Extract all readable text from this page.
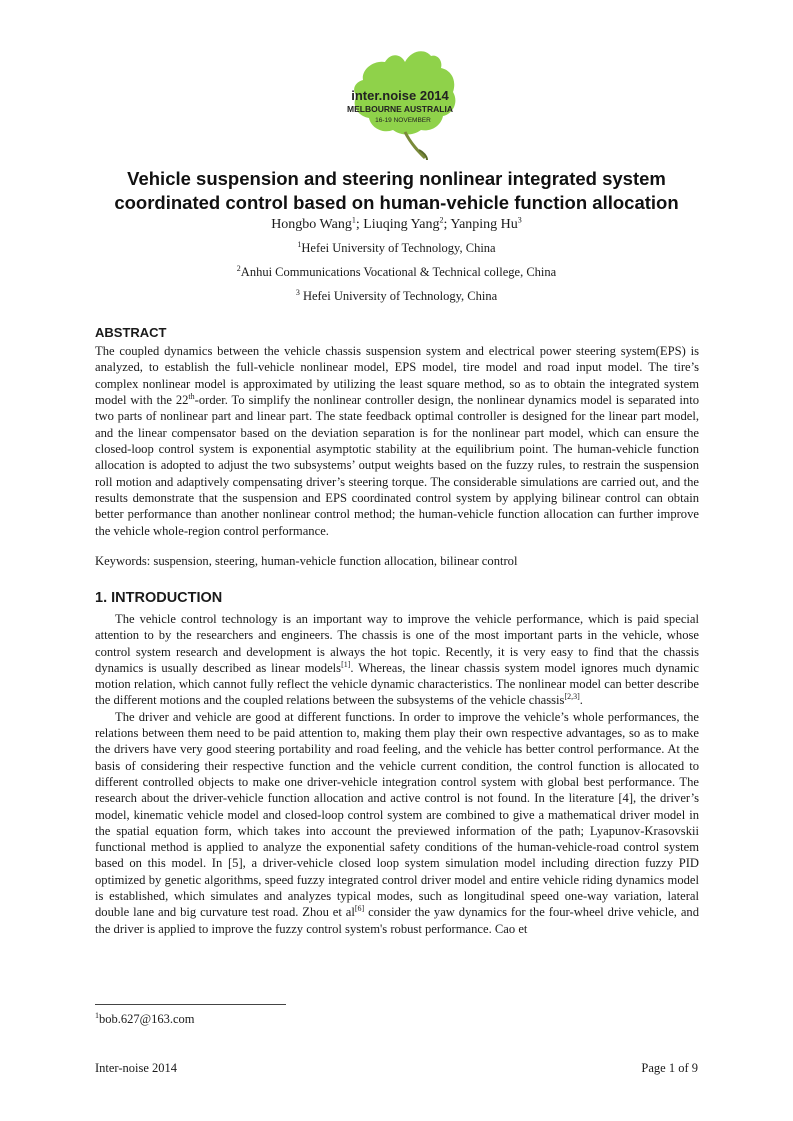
inter.noise 2014
MELBOURNE AUSTRALIA
16-19 NOVEMBER
Vehicle suspension and steering nonlinear integrated system
coordinated control based on human-vehicle function allocation
Hongbo Wang$^1$; Liuqing Yang$^2$; Yanping Hu$^3$
$^1$Hefei University of Technology, China
$^2$Anhui Communications Vocational & Technical college, China
$^3$ Hefei University of Technology, China
ABSTRACT
The coupled dynamics between the vehicle chassis suspension system and electrical power steering system(EPS) is analyzed, to establish the full-vehicle nonlinear model, EPS model, tire model and road input model. The tire’s complex nonlinear model is approximated by utilizing the least square method, so as to obtain the integrated system model with the 22th-order. To simplify the nonlinear controller design, the nonlinear dynamics model is separated into two parts of nonlinear part and linear part. The state feedback optimal controller is designed for the linear part model, and the linear compensator based on the deviation separation is for the nonlinear part model, which can ensure the closed-loop control system is exponential asymptotic stability at the equilibrium point. The human-vehicle function allocation is adopted to adjust the two subsystems’ output weights based on the fuzzy rules, to restrain the suspension roll motion and adaptively compensating driver’s steering torque. The considerable simulations are carried out, and the results demonstrate that the suspension and EPS coordinated control system by applying bilinear control can obtain better performance than another nonlinear control method; the human-vehicle function allocation can further improve the vehicle whole-region control performance.
Keywords: suspension, steering, human-vehicle function allocation, bilinear control
1. INTRODUCTION

The vehicle control technology is an important way to improve the vehicle performance, which is paid special attention to by the researchers and engineers. The chassis is one of the most important parts in the vehicle, whose control system research and development is always the hot topic. Recently, it is very easy to find that the chassis dynamics is usually described as linear models[1]. Whereas, the linear chassis system model ignores much dynamic motion relation, which cannot fully reflect the vehicle dynamic characteristics. The nonlinear model can better describe the different motions and the coupled relations between the subsystems of the vehicle chassis[2,3].

The driver and vehicle are good at different functions. In order to improve the vehicle’s whole performances, the relations between them need to be paid attention to, making them play their own respective advantages, so as to make the drivers have very good steering portability and road feeling, and the vehicle has better control performance. At the basis of considering their respective function and the vehicle current condition, the control function is allocated to different controlled objects to make one driver-vehicle integration control system with global best performance. The research about the driver-vehicle function allocation and active control is not found. In the literature [4], the driver’s model, kinematic vehicle model and closed-loop control system are combined to give a mathematical driver model in the spatial equation form, which takes into account the previewed information of the path; Lyapunov-Krasovskii functional method is applied to analyze the exponential safety conditions of the human-vehicle-road control system based on this model. In [5], a driver-vehicle closed loop system simulation model including direction fuzzy PID optimized by genetic algorithms, speed fuzzy integrated control driver model and entire vehicle riding dynamics model is established, which simulates and analyzes typical modes, such as longitudinal speed one-way variation, lateral double lane and big curvature test road. Zhou et al[6] consider the yaw dynamics for the four-wheel drive vehicle, and the driver is applied to improve the fuzzy control system's robust performance. Cao et

$^1$bob.627@163.com
Inter-noise 2014	Page 1 of 9
